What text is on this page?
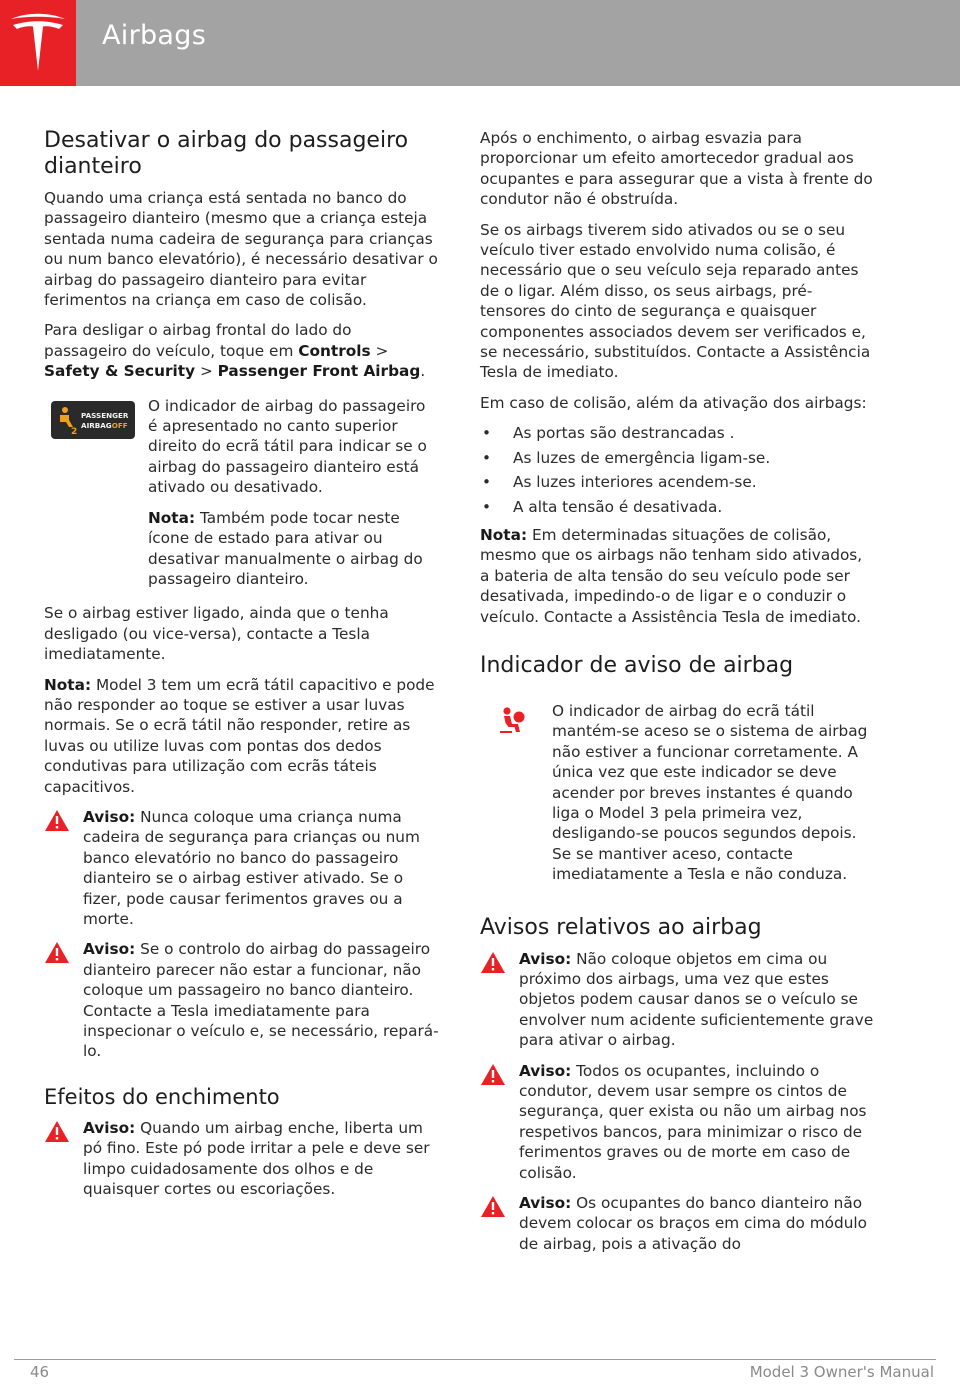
Airbags
Desativar o airbag do passageiro dianteiro

Quando uma criança está sentada no banco do passageiro dianteiro (mesmo que a criança esteja sentada numa cadeira de segurança para crianças ou num banco elevatório), é necessário desativar o airbag do passageiro dianteiro para evitar ferimentos na criança em caso de colisão.

Para desligar o airbag frontal do lado do passageiro do veículo, toque em Controls > Safety & Security > Passenger Front Airbag.

2
PASSENGER
AIRBAGOFF

O indicador de airbag do passageiro é apresentado no canto superior direito do ecrã tátil para indicar se o airbag do passageiro dianteiro está ativado ou desativado.

Nota: Também pode tocar neste ícone de estado para ativar ou desativar manualmente o airbag do passageiro dianteiro.

Se o airbag estiver ligado, ainda que o tenha desligado (ou vice-versa), contacte a Tesla imediatamente.

Nota: Model 3 tem um ecrã tátil capacitivo e pode não responder ao toque se estiver a usar luvas normais. Se o ecrã tátil não responder, retire as luvas ou utilize luvas com pontas dos dedos condutivas para utilização com ecrãs táteis capacitivos.

Aviso: Nunca coloque uma criança numa cadeira de segurança para crianças ou num banco elevatório no banco do passageiro dianteiro se o airbag estiver ativado. Se o fizer, pode causar ferimentos graves ou a morte.
Aviso: Se o controlo do airbag do passageiro dianteiro parecer não estar a funcionar, não coloque um passageiro no banco dianteiro. Contacte a Tesla imediatamente para inspecionar o veículo e, se necessário, repará-lo.
Efeitos do enchimento
Aviso: Quando um airbag enche, liberta um pó fino. Este pó pode irritar a pele e deve ser limpo cuidadosamente dos olhos e de quaisquer cortes ou escoriações.

Após o enchimento, o airbag esvazia para proporcionar um efeito amortecedor gradual aos ocupantes e para assegurar que a vista à frente do condutor não é obstruída.

Se os airbags tiverem sido ativados ou se o seu veículo tiver estado envolvido numa colisão, é necessário que o seu veículo seja reparado antes de o ligar. Além disso, os seus airbags, pré-tensores do cinto de segurança e quaisquer componentes associados devem ser verificados e, se necessário, substituídos. Contacte a Assistência Tesla de imediato.

Em caso de colisão, além da ativação dos airbags:

• As portas são destrancadas .
• As luzes de emergência ligam-se.
• As luzes interiores acendem-se.
• A alta tensão é desativada.

Nota: Em determinadas situações de colisão, mesmo que os airbags não tenham sido ativados, a bateria de alta tensão do seu veículo pode ser desativada, impedindo-o de ligar e o conduzir o veículo. Contacte a Assistência Tesla de imediato.

Indicador de aviso de airbag

O indicador de airbag do ecrã tátil mantém-se aceso se o sistema de airbag não estiver a funcionar corretamente. A única vez que este indicador se deve acender por breves instantes é quando liga o Model 3 pela primeira vez, desligando-se poucos segundos depois. Se se mantiver aceso, contacte imediatamente a Tesla e não conduza.

Avisos relativos ao airbag
Aviso: Não coloque objetos em cima ou próximo dos airbags, uma vez que estes objetos podem causar danos se o veículo se envolver num acidente suficientemente grave para ativar o airbag.
Aviso: Todos os ocupantes, incluindo o condutor, devem usar sempre os cintos de segurança, quer exista ou não um airbag nos respetivos bancos, para minimizar o risco de ferimentos graves ou de morte em caso de colisão.
Aviso: Os ocupantes do banco dianteiro não devem colocar os braços em cima do módulo de airbag, pois a ativação do
46	Model 3 Owner's Manual
